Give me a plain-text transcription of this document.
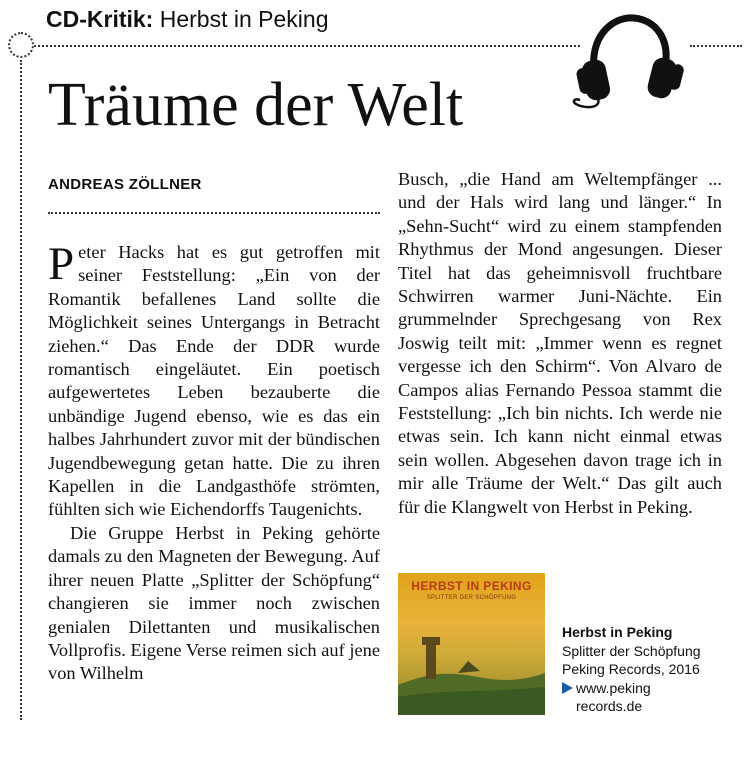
CD-Kritik: Herbst in Peking
Träume der Welt
ANDREAS ZÖLLNER

Peter Hacks hat es gut getroffen mit seiner Feststellung: „Ein von der Romantik befallenes Land sollte die Möglichkeit seines Untergangs in Betracht ziehen.“ Das Ende der DDR wurde romantisch eingeläutet. Ein poetisch aufgewertetes Leben bezauberte die unbändige Jugend ebenso, wie es das ein halbes Jahrhundert zuvor mit der bündischen Jugendbewegung getan hatte. Die zu ihren Kapellen in die Landgasthöfe strömten, fühlten sich wie Eichendorffs Taugenichts.

Die Gruppe Herbst in Peking gehörte damals zu den Magneten der Bewegung. Auf ihrer neuen Platte „Splitter der Schöpfung“ changieren sie immer noch zwischen genialen Dilettanten und musikalischen Vollprofis. Eigene Verse reimen sich auf jene von Wilhelm

Busch, „die Hand am Weltempfänger ... und der Hals wird lang und länger.“ In „Sehn-Sucht“ wird zu einem stampfenden Rhythmus der Mond angesungen. Dieser Titel hat das geheimnisvoll fruchtbare Schwirren warmer Juni-Nächte. Ein grummelnder Sprechgesang von Rex Joswig teilt mit: „Immer wenn es regnet vergesse ich den Schirm“. Von Alvaro de Campos alias Fernando Pessoa stammt die Feststellung: „Ich bin nichts. Ich werde nie etwas sein. Ich kann nicht einmal etwas sein wollen. Abgesehen davon trage ich in mir alle Träume der Welt.“ Das gilt auch für die Klangwelt von Herbst in Peking.

HERBST IN PEKING
SPLITTER DER SCHÖPFUNG
Herbst in Peking
Splitter der Schöpfung
Peking Records, 2016
www.peking
records.de
